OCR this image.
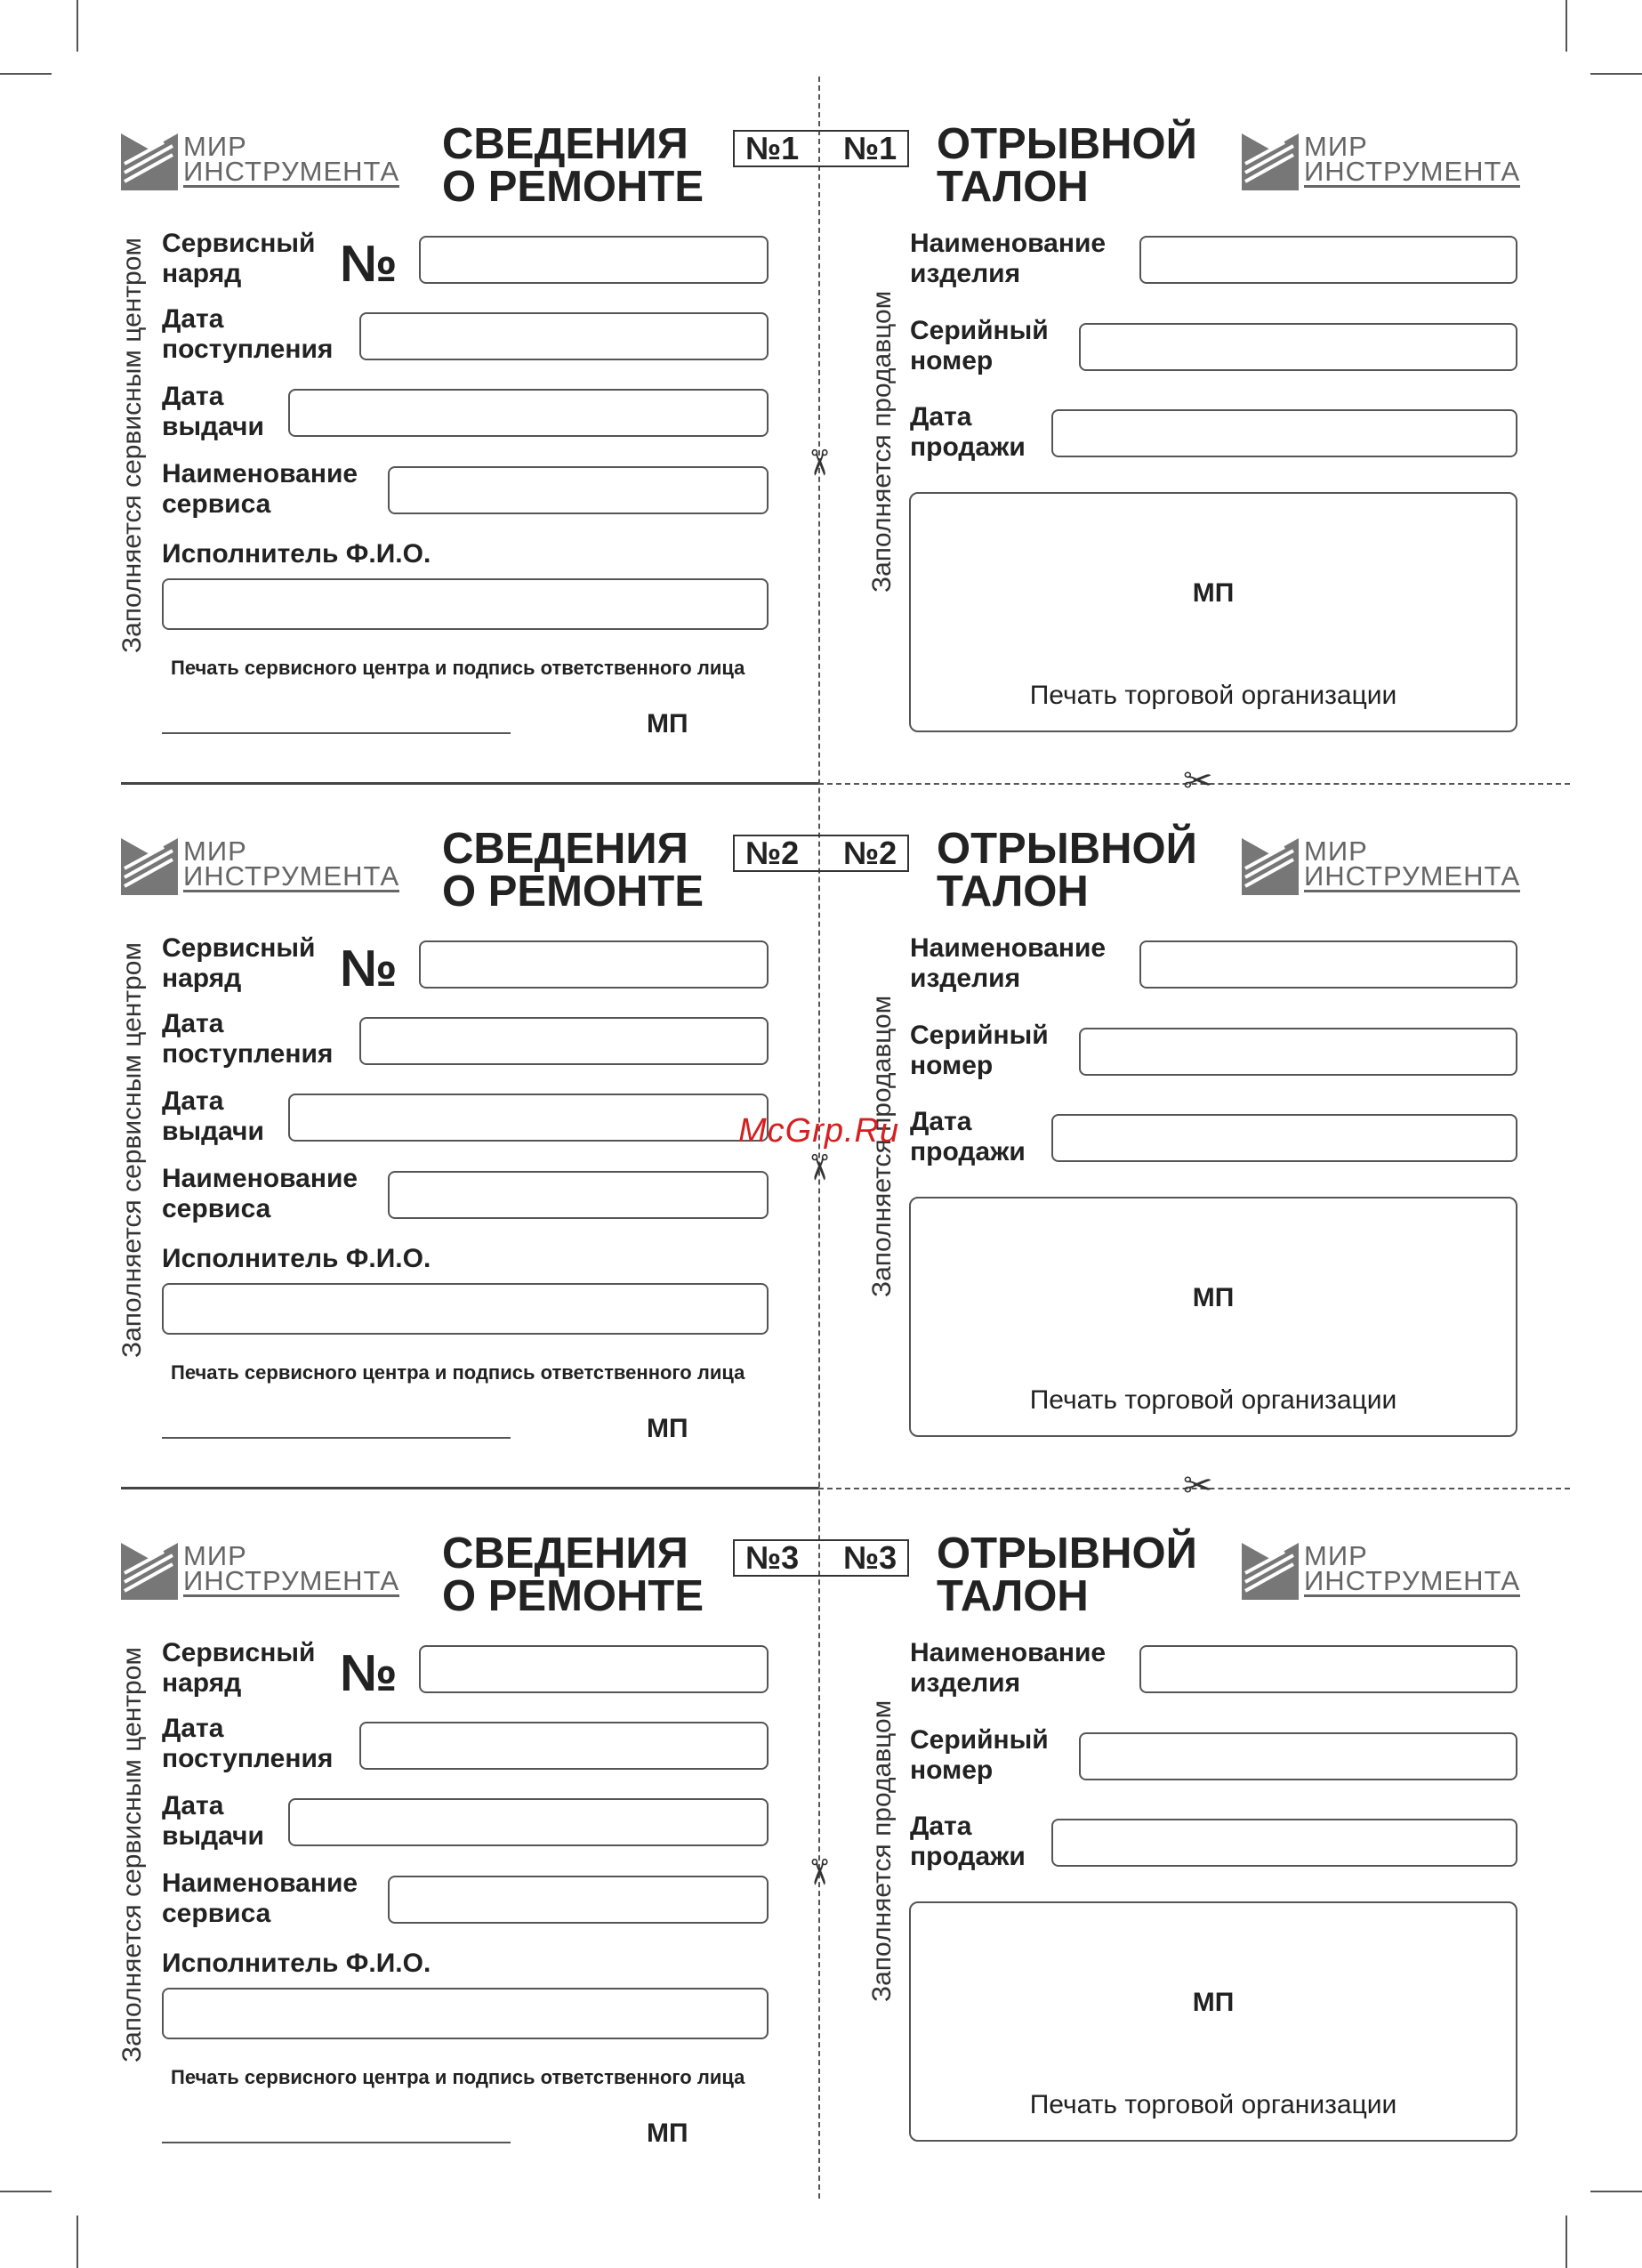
✂
✂
МИР
ИНСТРУМЕНТА
СВЕДЕНИЯ
О РЕМОНТЕ
№1 №1 ОТРЫВНОЙ
ТАЛОН
МИР
ИНСТРУМЕНТА
Заполняется сервисным центром	Заполняется продавцом
Сервисный
наряд	№
Дата
поступления
Дата
выдачи
Наименование
сервиса
Исполнитель Ф.И.О.
Печать сервисного центра и подпись ответственного лица
МП
Наименование
изделия
Серийный
номер
Дата
продажи
МП
Печать торговой организации
✂
МИР
ИНСТРУМЕНТА
СВЕДЕНИЯ
О РЕМОНТЕ
№2 №2 ОТРЫВНОЙ
ТАЛОН
МИР
ИНСТРУМЕНТА
Заполняется сервисным центром	Заполняется продавцом
Сервисный
наряд	№
Дата
поступления
Дата
выдачи
Наименование
сервиса
Исполнитель Ф.И.О.
Печать сервисного центра и подпись ответственного лица
МП
Наименование
изделия
Серийный
номер
Дата
продажи
МП
Печать торговой организации
✂
МИР
ИНСТРУМЕНТА
СВЕДЕНИЯ
О РЕМОНТЕ
№3 №3 ОТРЫВНОЙ
ТАЛОН
МИР
ИНСТРУМЕНТА
Заполняется сервисным центром	Заполняется продавцом
Сервисный
наряд	№
Дата
поступления
Дата
выдачи
Наименование
сервиса
Исполнитель Ф.И.О.
Печать сервисного центра и подпись ответственного лица
МП
Наименование
изделия
Серийный
номер
Дата
продажи
МП
Печать торговой организации
✂
McGrp.Ru
